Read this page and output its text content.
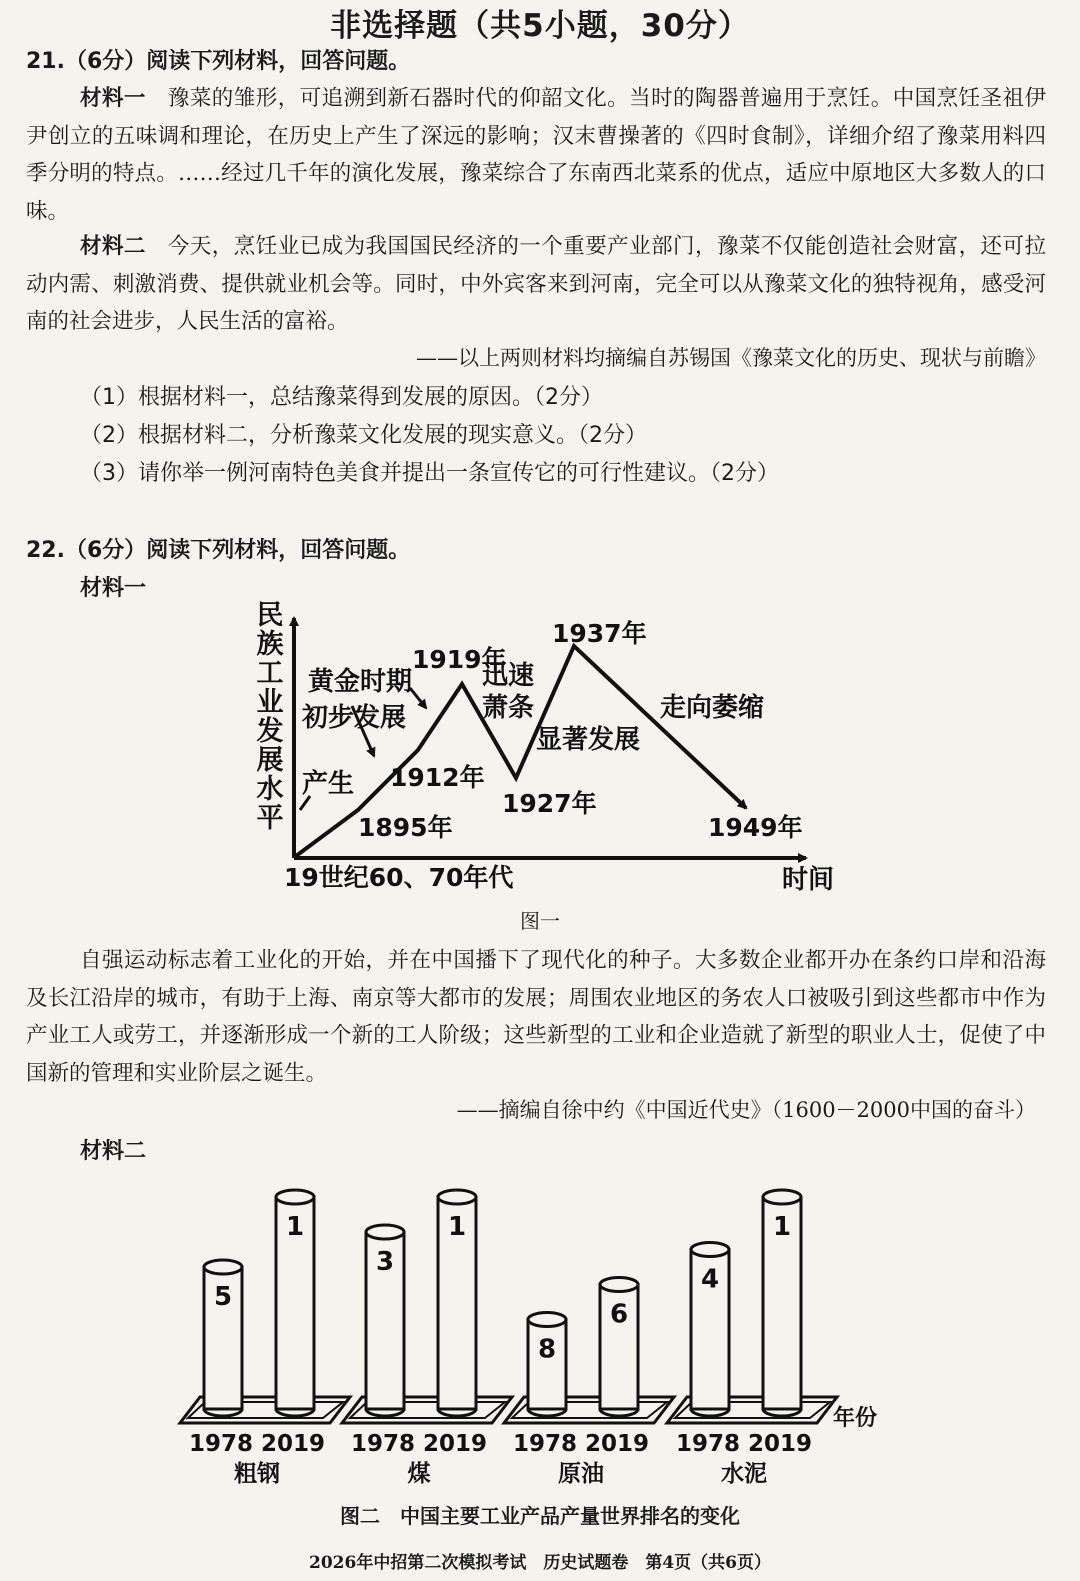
非选择题（共5小题，30分）
21.（6分）阅读下列材料，回答问题。
材料一　 豫菜的雏形，可追溯到新石器时代的仰韶文化。当时的陶器普遍用于烹饪。中国烹饪圣祖伊尹创立的五味调和理论，在历史上产生了深远的影响；汉末曹操著的《四时食制》，详细介绍了豫菜用料四季分明的特点。……经过几千年的演化发展，豫菜综合了东南西北菜系的优点，适应中原地区大多数人的口味。
材料二　 今天，烹饪业已成为我国国民经济的一个重要产业部门，豫菜不仅能创造社会财富，还可拉动内需、刺激消费、提供就业机会等。同时，中外宾客来到河南，完全可以从豫菜文化的独特视角，感受河南的社会进步，人民生活的富裕。
——以上两则材料均摘编自苏锡国《豫菜文化的历史、现状与前瞻》
（1）根据材料一，总结豫菜得到发展的原因。（2分）
（2）根据材料二，分析豫菜文化发展的现实意义。（2分）
（3）请你举一例河南特色美食并提出一条宣传它的可行性建议。（2分）
22.（6分）阅读下列材料，回答问题。
材料一
民族工业发展水平
时间
19世纪60、70年代
1895年
1912年
1919年
1927年
1937年
1949年
产生
初步发展
黄金时期	迅速
萧条
显著发展
走向萎缩
图一
自强运动标志着工业化的开始，并在中国播下了现代化的种子。大多数企业都开办在条约口岸和沿海及长江沿岸的城市，有助于上海、南京等大都市的发展；周围农业地区的务农人口被吸引到这些都市中作为产业工人或劳工，并逐渐形成一个新的工人阶级；这些新型的工业和企业造就了新型的职业人士，促使了中国新的管理和实业阶层之诞生。
——摘编自徐中约《中国近代史》（1600－2000中国的奋斗）
材料二
5
1978
1
2019
粗钢
3
1978
1
2019
煤
8
1978
6
2019
原油
4
1978
1
2019
水泥
年份
图二　中国主要工业产品产量世界排名的变化
2026年中招第二次模拟考试　历史试题卷　第4页（共6页）
